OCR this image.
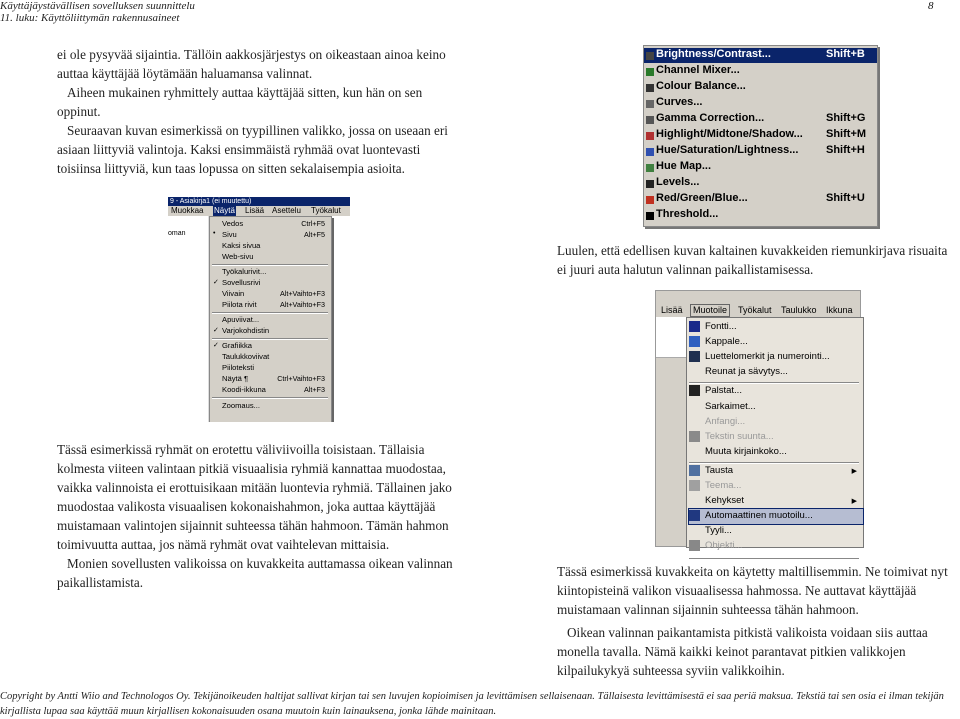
Käyttäjäystävällisen sovelluksen suunnittelu
11. luku: Käyttöliittymän rakennusaineet
8

ei ole pysyvää sijaintia. Tällöin aakkosjärjestys on oikeastaan ainoa keino auttaa käyttäjää löytämään haluamansa valinnat.

Aiheen mukainen ryhmittely auttaa käyttäjää sitten, kun hän on sen oppinut.

Seuraavan kuvan esimerkissä on tyypillinen valikko, jossa on useaan eri asiaan liittyviä valintoja. Kaksi ensimmäistä ryhmää ovat luontevasti toisiinsa liittyviä, kun taas lopussa on sitten sekalaisempia asioita.

9 - Asiakirja1 (ei muutettu)
Muokkaa Näytä Lisää Asettelu Työkalut
oman
Vedos	Ctrl+F5
• Sivu	Alt+F5
Kaksi sivua
Web-sivu
Työkalurivit...
✓ Sovellusrivi
Viivain	Alt+Vaihto+F3
Piilota rivit	Alt+Vaihto+F3
Apuviivat...
✓ Varjokohdistin
✓ Grafiikka
Taulukkoviivat
Piiloteksti
Näytä ¶	Ctrl+Vaihto+F3
Koodi-ikkuna	Alt+F3
Zoomaus...

Tässä esimerkissä ryhmät on erotettu väliviivoilla toisistaan. Tällaisia kolmesta viiteen valintaan pitkiä visuaalisia ryhmiä kannattaa muodostaa, vaikka valinnoista ei erottuisikaan mitään luontevia ryhmiä. Tällainen jako muodostaa valikosta visuaalisen kokonaishahmon, joka auttaa käyttäjää muistamaan valintojen sijainnit suhteessa tähän hahmoon. Tämän hahmon toimivuutta auttaa, jos nämä ryhmät ovat vaihtelevan mittaisia.

Monien sovellusten valikoissa on kuvakkeita auttamassa oikean valinnan paikallistamista.

Brightness/Contrast...	Shift+B
Channel Mixer...
Colour Balance...
Curves...
Gamma Correction...	Shift+G
Highlight/Midtone/Shadow... Shift+M
Hue/Saturation/Lightness...	Shift+H
Hue Map...
Levels...
Red/Green/Blue...	Shift+U
Threshold...

Luulen, että edellisen kuvan kaltainen kuvakkeiden riemunkirjava risuaita ei juuri auta halutun valinnan paikallistamisessa.

Lisää	Muotoile	Työkalut Taulukko Ikkuna
Fontti...
Kappale...
Luettelomerkit ja numerointi...
Reunat ja sävytys...
Palstat...
Sarkaimet...
Anfangi...
Tekstin suunta...
Muuta kirjainkoko...
Tausta	▶
Teema...
Kehykset	▶
Automaattinen muotoilu...
Tyyli...
Objekti...

Tässä esimerkissä kuvakkeita on käytetty maltillisemmin. Ne toimivat nyt kiintopisteinä valikon visuaalisessa hahmossa. Ne auttavat käyttäjää muistamaan valinnan sijainnin suhteessa tähän hahmoon.

Oikean valinnan paikantamista pitkistä valikoista voidaan siis auttaa monella tavalla. Nämä kaikki keinot parantavat pitkien valikkojen kilpailukykyä suhteessa syviin valikkoihin.

Copyright by Antti Wiio and Technologos Oy. Tekijänoikeuden haltijat sallivat kirjan tai sen luvujen kopioimisen ja levittämisen sellaisenaan. Tällaisesta levittämisestä ei saa periä maksua. Tekstiä tai sen osia ei ilman tekijän kirjallista lupaa saa käyttää muun kirjallisen kokonaisuuden osana muutoin kuin lainauksena, jonka lähde mainitaan.
